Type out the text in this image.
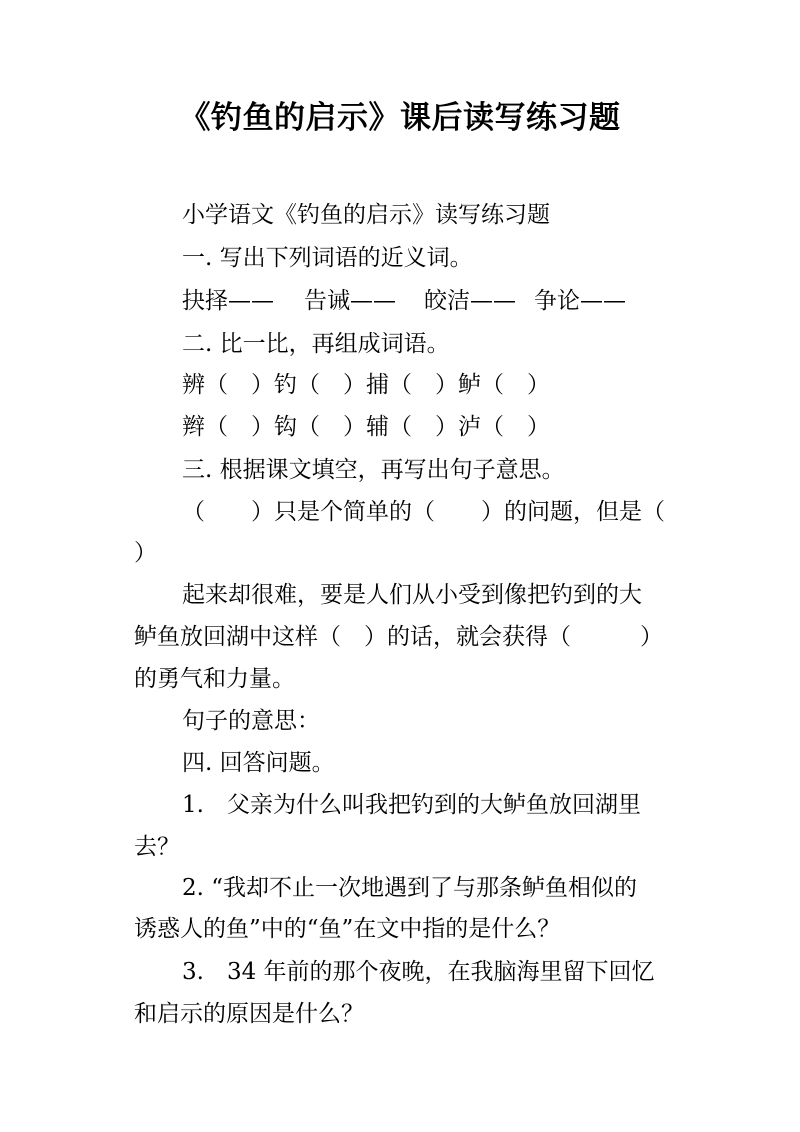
《钓鱼的启示》课后读写练习题
小学语文《钓鱼的启示》读写练习题
一. 写出下列词语的近义词。
抉择—— 告诫—— 皎洁—— 争论——
二. 比一比，再组成词语。
辨（　）钓（　）捕（　）鲈（　）
辫（　）钩（　）辅（　）泸（　）
三. 根据课文填空，再写出句子意思。
（　　）只是个简单的（　　）的问题，但是（
）
起来却很难，要是人们从小受到像把钓到的大
鲈鱼放回湖中这样（　）的话，就会获得（　　　）
的勇气和力量。
句子的意思：
四. 回答问题。
1.　父亲为什么叫我把钓到的大鲈鱼放回湖里
去？
2. “我却不止一次地遇到了与那条鲈鱼相似的
诱惑人的鱼”中的“鱼”在文中指的是什么？
3.　34 年前的那个夜晚，在我脑海里留下回忆
和启示的原因是什么？
